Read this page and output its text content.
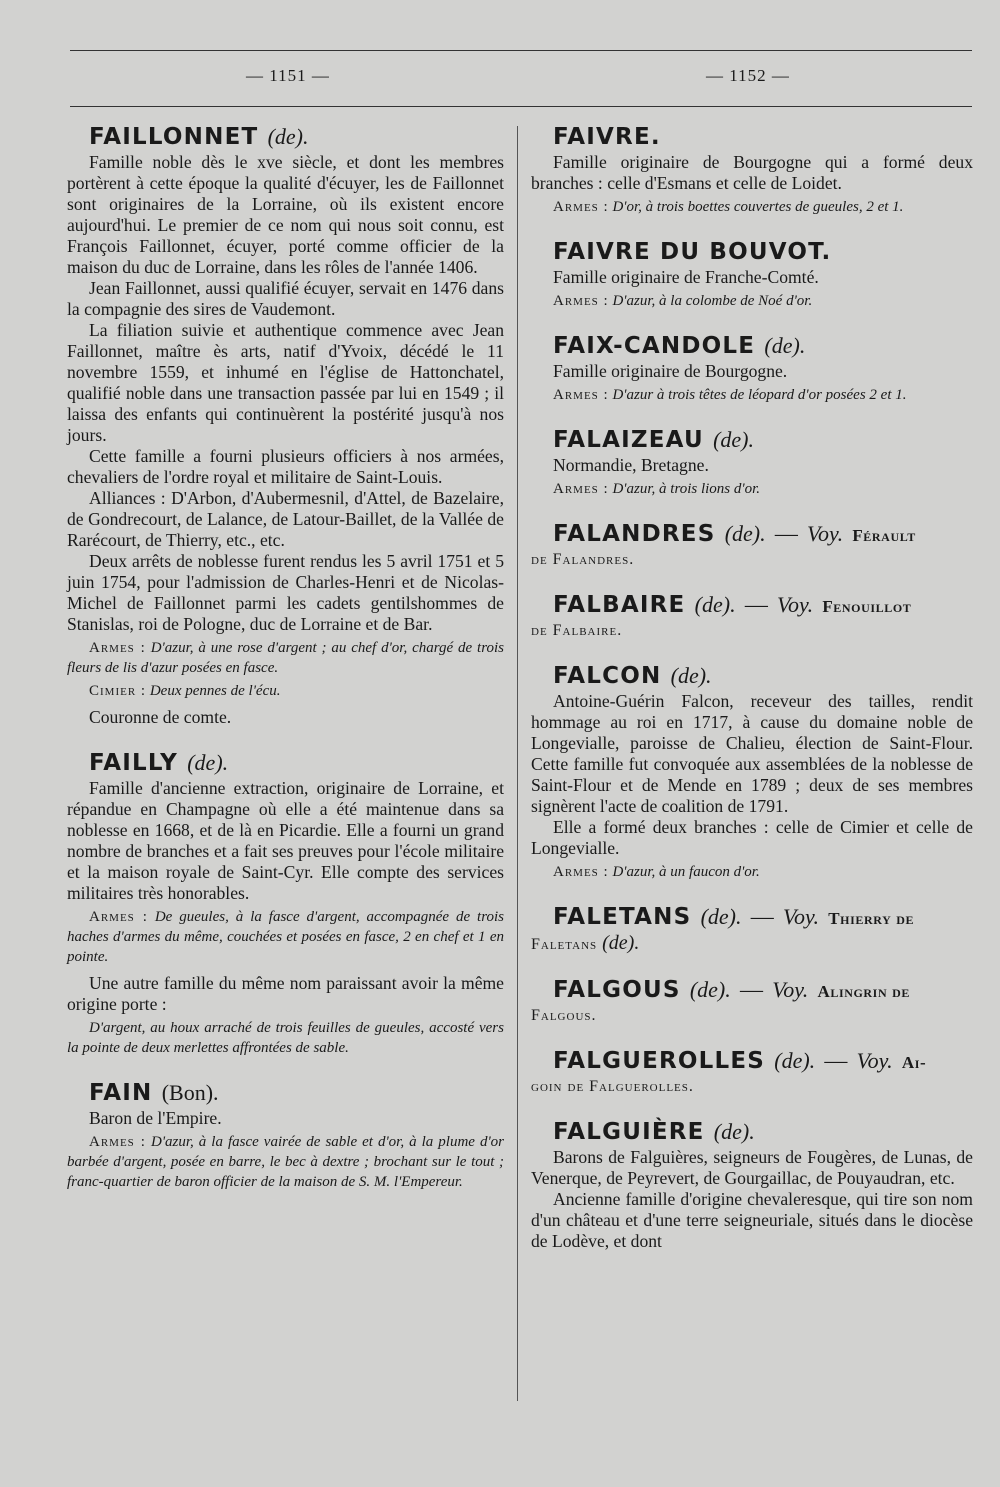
— 1151 —	— 1152 —
FAILLONNET (de).

Famille noble dès le xve siècle, et dont les membres portèrent à cette époque la qualité d'écuyer, les de Faillonnet sont originaires de la Lorraine, où ils existent encore aujourd'hui. Le premier de ce nom qui nous soit connu, est François Faillonnet, écuyer, porté comme officier de la maison du duc de Lorraine, dans les rôles de l'année 1406.

Jean Faillonnet, aussi qualifié écuyer, servait en 1476 dans la compagnie des sires de Vaudemont.

La filiation suivie et authentique commence avec Jean Faillonnet, maître ès arts, natif d'Yvoix, décédé le 11 novembre 1559, et inhumé en l'église de Hattonchatel, qualifié noble dans une transaction passée par lui en 1549 ; il laissa des enfants qui continuèrent la postérité jusqu'à nos jours.

Cette famille a fourni plusieurs officiers à nos armées, chevaliers de l'ordre royal et militaire de Saint-Louis.

Alliances : D'Arbon, d'Aubermesnil, d'Attel, de Bazelaire, de Gondrecourt, de Lalance, de Latour-Baillet, de la Vallée de Rarécourt, de Thierry, etc., etc.

Deux arrêts de noblesse furent rendus les 5 avril 1751 et 5 juin 1754, pour l'admission de Charles-Henri et de Nicolas-Michel de Faillonnet parmi les cadets gentilshommes de Stanislas, roi de Pologne, duc de Lorraine et de Bar.

Armes : D'azur, à une rose d'argent ; au chef d'or, chargé de trois fleurs de lis d'azur posées en fasce.
Cimier : Deux pennes de l'écu.

Couronne de comte.

FAILLY (de).

Famille d'ancienne extraction, originaire de Lorraine, et répandue en Champagne où elle a été maintenue dans sa noblesse en 1668, et de là en Picardie. Elle a fourni un grand nombre de branches et a fait ses preuves pour l'école militaire et la maison royale de Saint-Cyr. Elle compte des services militaires très honorables.

Armes : De gueules, à la fasce d'argent, accompagnée de trois haches d'armes du même, couchées et posées en fasce, 2 en chef et 1 en pointe.

Une autre famille du même nom paraissant avoir la même origine porte :

D'argent, au houx arraché de trois feuilles de gueules, accosté vers la pointe de deux merlettes affrontées de sable.
FAIN (Bon).

Baron de l'Empire.

Armes : D'azur, à la fasce vairée de sable et d'or, à la plume d'or barbée d'argent, posée en barre, le bec à dextre ; brochant sur le tout ; franc-quartier de baron officier de la maison de S. M. l'Empereur.
FAIVRE.

Famille originaire de Bourgogne qui a formé deux branches : celle d'Esmans et celle de Loidet.

Armes : D'or, à trois boettes couvertes de gueules, 2 et 1.
FAIVRE DU BOUVOT.

Famille originaire de Franche-Comté.

Armes : D'azur, à la colombe de Noé d'or.
FAIX-CANDOLE (de).

Famille originaire de Bourgogne.

Armes : D'azur à trois têtes de léopard d'or posées 2 et 1.
FALAIZEAU (de).

Normandie, Bretagne.

Armes : D'azur, à trois lions d'or.
FALANDRES (de). — Voy. Férault
de Falandres.
FALBAIRE (de). — Voy. Fenouillot
de Falbaire.
FALCON (de).

Antoine-Guérin Falcon, receveur des tailles, rendit hommage au roi en 1717, à cause du domaine noble de Longevialle, paroisse de Chalieu, élection de Saint-Flour. Cette famille fut convoquée aux assemblées de la noblesse de Saint-Flour et de Mende en 1789 ; deux de ses membres signèrent l'acte de coalition de 1791.

Elle a formé deux branches : celle de Cimier et celle de Longevialle.

Armes : D'azur, à un faucon d'or.
FALETANS (de). — Voy. Thierry de
Faletans (de).
FALGOUS (de). — Voy. Alingrin de
Falgous.
FALGUEROLLES (de). — Voy. Ai-
goin de Falguerolles.
FALGUIÈRE (de).

Barons de Falguières, seigneurs de Fougères, de Lunas, de Venerque, de Peyrevert, de Gourgaillac, de Pouyaudran, etc.

Ancienne famille d'origine chevaleresque, qui tire son nom d'un château et d'une terre seigneuriale, situés dans le diocèse de Lodève, et dont
